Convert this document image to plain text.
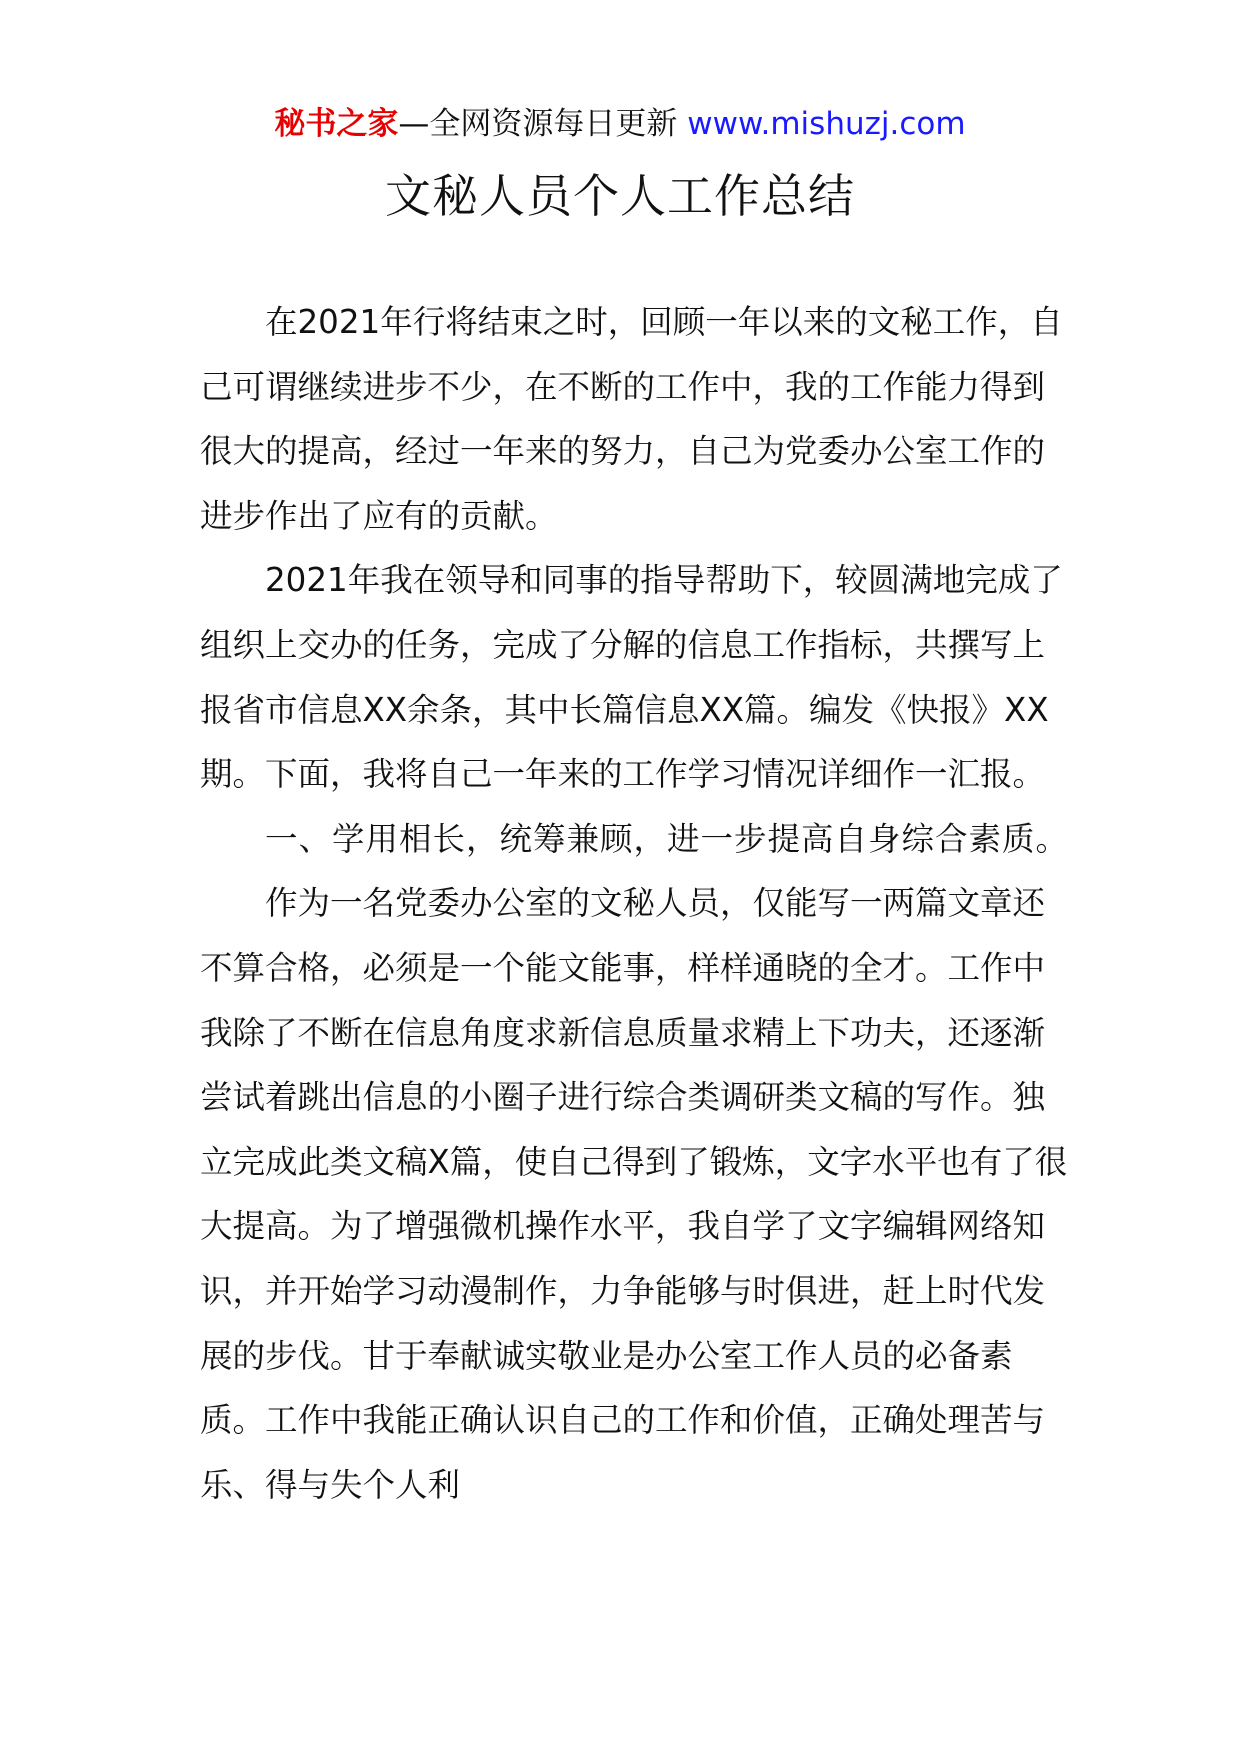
秘书之家—全网资源每日更新 www.mishuzj.com
文秘人员个人工作总结

在2021年行将结束之时，回顾一年以来的文秘工作，自己可谓继续进步不少，在不断的工作中，我的工作能力得到很大的提高，经过一年来的努力，自己为党委办公室工作的进步作出了应有的贡献。

2021年我在领导和同事的指导帮助下，较圆满地完成了组织上交办的任务，完成了分解的信息工作指标，共撰写上报省市信息XX余条，其中长篇信息XX篇。编发《快报》XX期。下面，我将自己一年来的工作学习情况详细作一汇报。

一、学用相长，统筹兼顾，进一步提高自身综合素质。

作为一名党委办公室的文秘人员，仅能写一两篇文章还不算合格，必须是一个能文能事，样样通晓的全才。工作中我除了不断在信息角度求新信息质量求精上下功夫，还逐渐尝试着跳出信息的小圈子进行综合类调研类文稿的写作。独立完成此类文稿X篇，使自己得到了锻炼，文字水平也有了很大提高。为了增强微机操作水平，我自学了文字编辑网络知识，并开始学习动漫制作，力争能够与时俱进，赶上时代发展的步伐。甘于奉献诚实敬业是办公室工作人员的必备素质。工作中我能正确认识自己的工作和价值，正确处理苦与乐、得与失个人利
